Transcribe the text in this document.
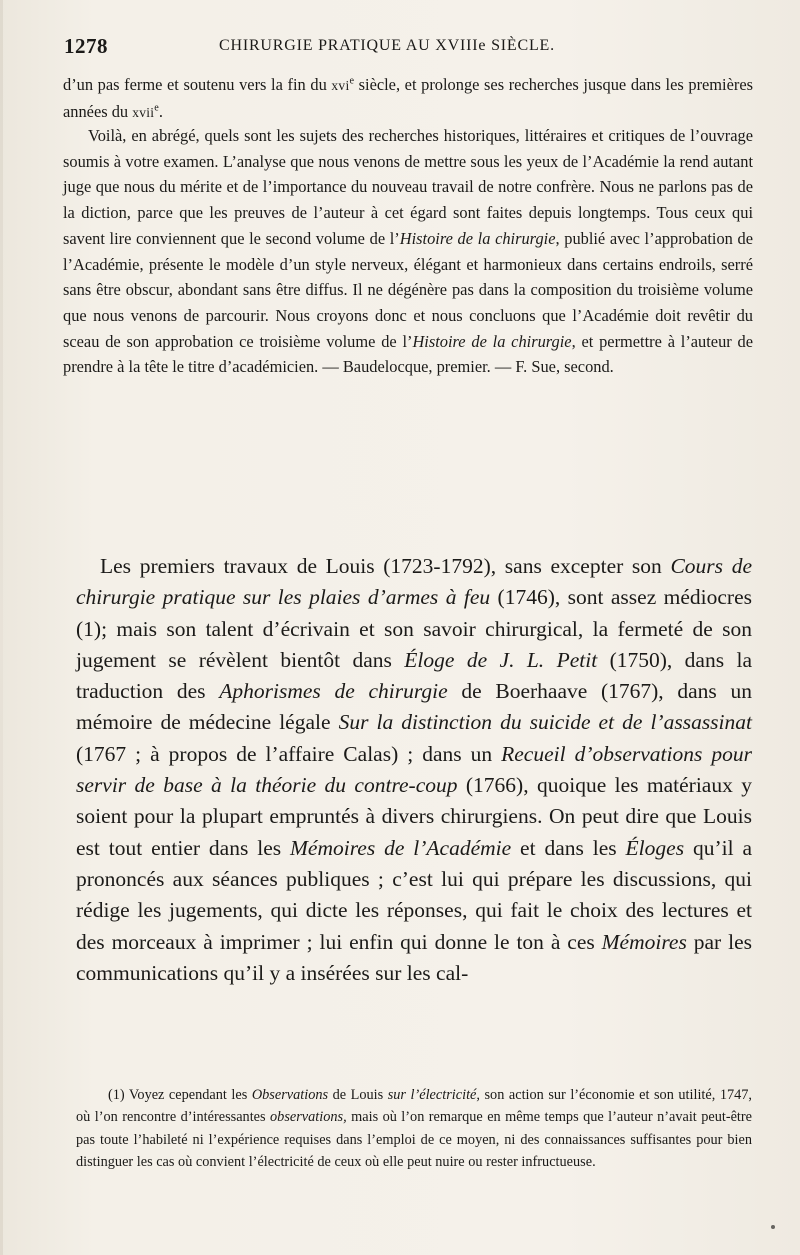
1278	CHIRURGIE PRATIQUE AU XVIIIe SIÈCLE.
d’un pas ferme et soutenu vers la fin du xvi$^e$ siècle, et prolonge ses recherches jusque dans les premières années du xvii$^e$.
Voilà, en abrégé, quels sont les sujets des recherches historiques, littéraires et critiques de l’ouvrage soumis à votre examen. L’analyse que nous venons de mettre sous les yeux de l’Académie la rend autant juge que nous du mérite et de l’importance du nouveau travail de notre confrère. Nous ne parlons pas de la diction, parce que les preuves de l’auteur à cet égard sont faites depuis longtemps. Tous ceux qui savent lire conviennent que le second volume de l’Histoire de la chirurgie, publié avec l’approbation de l’Académie, présente le modèle d’un style nerveux, élégant et harmonieux dans certains endroils, serré sans être obscur, abondant sans être diffus. Il ne dégénère pas dans la composition du troisième volume que nous venons de parcourir. Nous croyons donc et nous concluons que l’Académie doit revêtir du sceau de son approbation ce troisième volume de l’Histoire de la chirurgie, et permettre à l’auteur de prendre à la tête le titre d’académicien. — Baudelocque, premier. — F. Sue, second.
Les premiers travaux de Louis (1723-1792), sans excepter son Cours de chirurgie pratique sur les plaies d’armes à feu (1746), sont assez médiocres (1); mais son talent d’écrivain et son savoir chirurgical, la fermeté de son jugement se révèlent bientôt dans Éloge de J. L. Petit (1750), dans la traduction des Aphorismes de chirurgie de Boerhaave (1767), dans un mémoire de médecine légale Sur la distinction du suicide et de l’assassinat (1767 ; à propos de l’affaire Calas) ; dans un Recueil d’observations pour servir de base à la théorie du contre-coup (1766), quoique les matériaux y soient pour la plupart empruntés à divers chirurgiens. On peut dire que Louis est tout entier dans les Mémoires de l’Académie et dans les Éloges qu’il a prononcés aux séances publiques ; c’est lui qui prépare les discussions, qui rédige les jugements, qui dicte les réponses, qui fait le choix des lectures et des morceaux à imprimer ; lui enfin qui donne le ton à ces Mémoires par les communications qu’il y a insérées sur les cal-
(1) Voyez cependant les Observations de Louis sur l’électricité, son action sur l’économie et son utilité, 1747, où l’on rencontre d’intéressantes observations, mais où l’on remarque en même temps que l’auteur n’avait peut-être pas toute l’habileté ni l’expérience requises dans l’emploi de ce moyen, ni des connaissances suffisantes pour bien distinguer les cas où convient l’électricité de ceux où elle peut nuire ou rester infructueuse.
